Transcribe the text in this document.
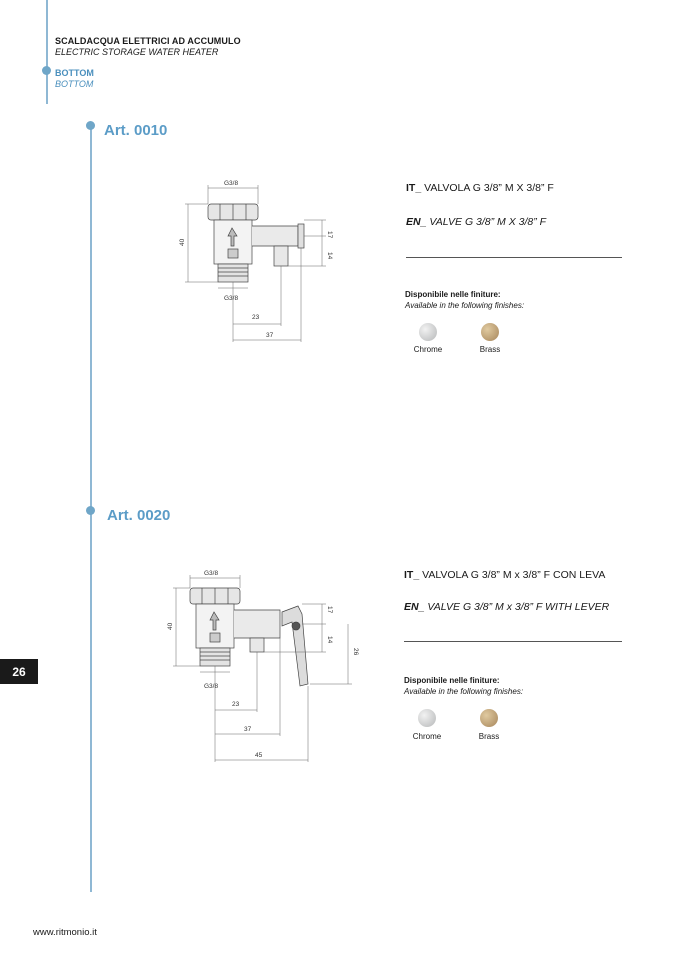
SCALDACQUA ELETTRICI AD ACCUMULO
ELECTRIC STORAGE WATER HEATER
BOTTOM
BOTTOM
Art. 0010
G3/8
40
17
14
G3/8
23
37
IT_ VALVOLA G 3/8” M X 3/8” F
EN_ VALVE G 3/8” M X 3/8” F
Disponibile nelle finiture:
Available in the following finishes:
Chrome	Brass
Art. 0020
G3/8
40
17
14
26
G3/8
23
37
45
IT_ VALVOLA G 3/8” M x 3/8” F CON LEVA
EN_ VALVE G 3/8” M x 3/8” F WITH LEVER
Disponibile nelle finiture:
Available in the following finishes:
Chrome	Brass
26
www.ritmonio.it
